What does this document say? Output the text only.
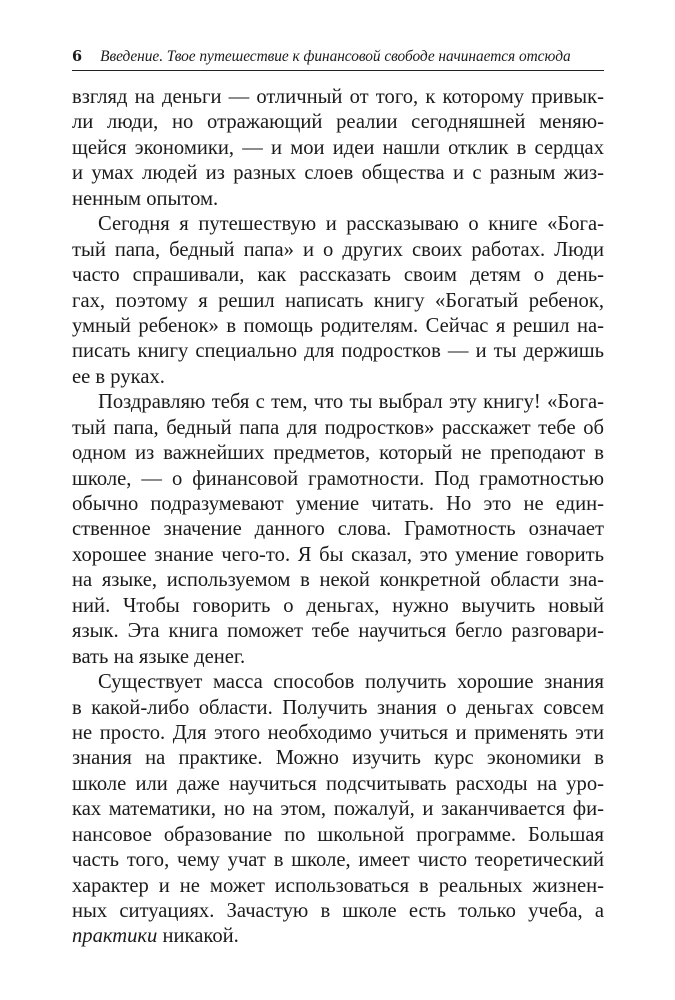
6 Введение. Твое путешествие к финансовой свободе начинается отсюда
взгляд на деньги — отличный от того, к которому привык-
ли люди, но отражающий реалии сегодняшней меняю-
щейся экономики, — и мои идеи нашли отклик в сердцах
и умах людей из разных слоев общества и с разным жиз-
ненным опытом.
Сегодня я путешествую и рассказываю о книге «Бога-
тый папа, бедный папа» и о других своих работах. Люди
часто спрашивали, как рассказать своим детям о день-
гах, поэтому я решил написать книгу «Богатый ребенок,
умный ребенок» в помощь родителям. Сейчас я решил на-
писать книгу специально для подростков — и ты держишь
ее в руках.
Поздравляю тебя с тем, что ты выбрал эту книгу! «Бога-
тый папа, бедный папа для подростков» расскажет тебе об
одном из важнейших предметов, который не преподают в
школе, — о финансовой грамотности. Под грамотностью
обычно подразумевают умение читать. Но это не един-
ственное значение данного слова. Грамотность означает
хорошее знание чего-то. Я бы сказал, это умение говорить
на языке, используемом в некой конкретной области зна-
ний. Чтобы говорить о деньгах, нужно выучить новый
язык. Эта книга поможет тебе научиться бегло разговари-
вать на языке денег.
Существует масса способов получить хорошие знания
в какой-либо области. Получить знания о деньгах совсем
не просто. Для этого необходимо учиться и применять эти
знания на практике. Можно изучить курс экономики в
школе или даже научиться подсчитывать расходы на уро-
ках математики, но на этом, пожалуй, и заканчивается фи-
нансовое образование по школьной программе. Большая
часть того, чему учат в школе, имеет чисто теоретический
характер и не может использоваться в реальных жизнен-
ных ситуациях. Зачастую в школе есть только учеба, а
практики никакой.
